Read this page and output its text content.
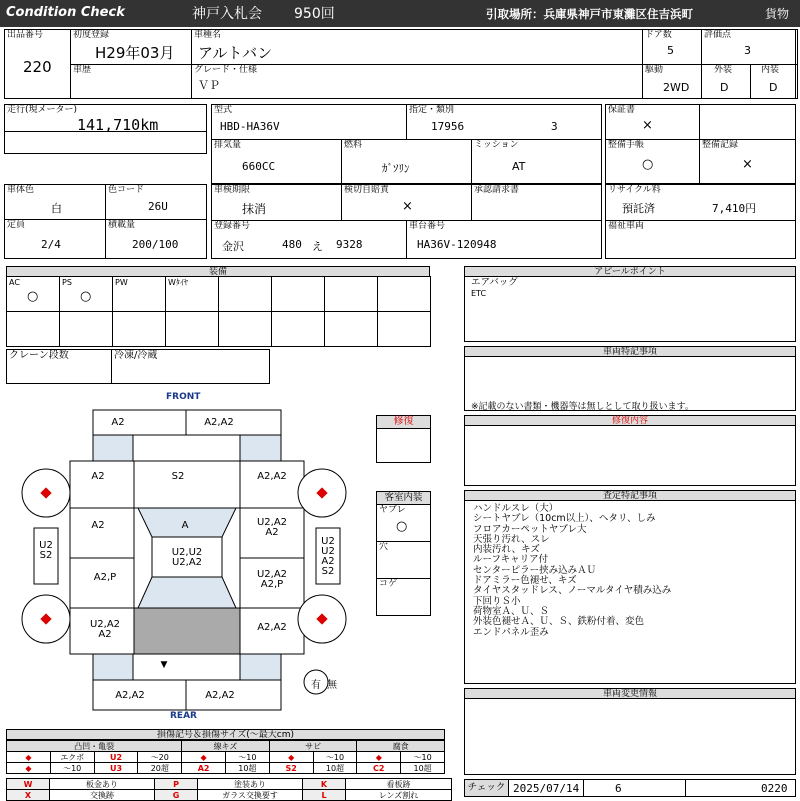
Condition Check	神戸入札会 950回	引取場所：兵庫県神戸市東灘区住吉浜町	貨物
出品番号
220
初度登録
H29年03月
車歴
車種名
アルトバン
グレード・仕様
ＶＰ
ドア数
5
評価点
3
駆動
2WD
外装
D
内装
D
走行(現メーター)
141,710km
車体色
白
色コード
26U
定員
2/4
積載量
200/100
型式
HBD-HA36V
指定・類別
17956	3
排気量
660CC
燃料
ｶﾞｿﾘﾝ
ミッション
AT
車検期限
抹消
検切自賠責
×
承認請求書
登録番号
金沢	480 え 9328
車台番号
HA36V-120948
保証書
×
整備手帳
○
整備記録
×
リサイクル料
預託済	7,410円
福祉車両
装備
AC
○
PS
○
PW	Wﾀｲﾔ
クレーン段数	冷凍/冷蔵
アピールポイント
エアバッグ
ETC
車両特記事項
※記載のない書類・機器等は無しとして取り扱います。
修復内容
査定特記事項
ハンドルスレ（大）
シートヤブレ（10cm以上）、ヘタリ、しみ
フロアカーペットヤブレ大
天張り汚れ、スレ
内装汚れ、キズ
ルーフキャリア付
センターピラー挟み込みＡＵ
ドアミラー色褪せ、キズ
タイヤスタッドレス、ノーマルタイヤ積み込み
下回りＳ小
荷物室Ａ、Ｕ、Ｓ
外装色褪せＡ、Ｕ、Ｓ、鉄粉付着、変色
エンドパネル歪み
車両変更情報
チェック 2025/07/14	6	0220
FRONT
REAR
A2	A2,A2
A2	S2	A2,A2
A
A2	U2,A2
A2
U2,U2
U2,A2
A2,P	U2,A2
A2,P
U2,A2
A2
A2,A2
A2,A2	A2,A2
U2
S2
U2
U2
A2
S2
▼
有 無
修復
客室内装
ヤブレ
○
穴
コゲ
損傷記号＆損傷サイズ(〜最大cm)
凸凹・亀裂				線キズ		サビ		腐食	
◆	エクボ	U2	〜20	◆	〜10	◆	〜10	◆	〜10
◆	〜10	U3	20超	A2	10超	S2	10超	C2	10超
W	板金あり	P	塗装あり	K	看板跡
X	交換跡	G	ガラス交換要す	L	レンズ割れ
